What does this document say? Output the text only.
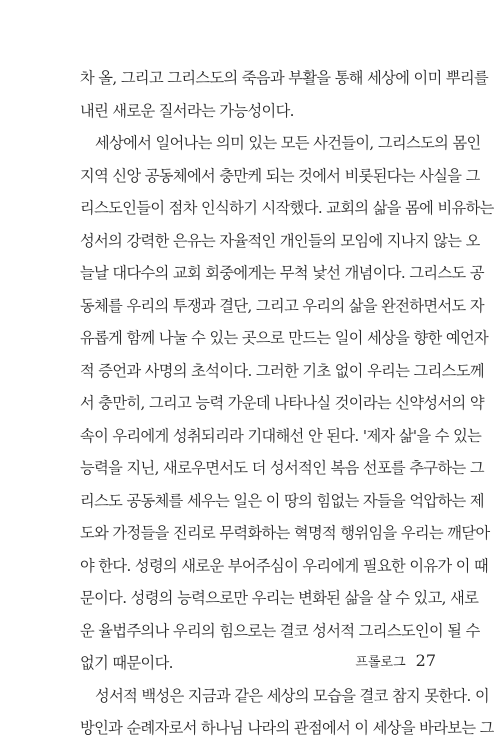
차 올, 그리고 그리스도의 죽음과 부활을 통해 세상에 이미 뿌리를
내린 새로운 질서라는 가능성이다.
세상에서 일어나는 의미 있는 모든 사건들이, 그리스도의 몸인
지역 신앙 공동체에서 충만케 되는 것에서 비롯된다는 사실을 그
리스도인들이 점차 인식하기 시작했다. 교회의 삶을 몸에 비유하는
성서의 강력한 은유는 자율적인 개인들의 모임에 지나지 않는 오
늘날 대다수의 교회 회중에게는 무척 낯선 개념이다. 그리스도 공
동체를 우리의 투쟁과 결단, 그리고 우리의 삶을 완전하면서도 자
유롭게 함께 나눌 수 있는 곳으로 만드는 일이 세상을 향한 예언자
적 증언과 사명의 초석이다. 그러한 기초 없이 우리는 그리스도께
서 충만히, 그리고 능력 가운데 나타나실 것이라는 신약성서의 약
속이 우리에게 성취되리라 기대해선 안 된다. '제자 삶'을 수 있는
능력을 지닌, 새로우면서도 더 성서적인 복음 선포를 추구하는 그
리스도 공동체를 세우는 일은 이 땅의 힘없는 자들을 억압하는 제
도와 가정들을 진리로 무력화하는 혁명적 행위임을 우리는 깨닫아
야 한다. 성령의 새로운 부어주심이 우리에게 필요한 이유가 이 때
문이다. 성령의 능력으로만 우리는 변화된 삶을 살 수 있고, 새로
운 율법주의나 우리의 힘으로는 결코 성서적 그리스도인이 될 수
없기 때문이다.
성서적 백성은 지금과 같은 세상의 모습을 결코 참지 못한다. 이
방인과 순례자로서 하나님 나라의 관점에서 이 세상을 바라보는 그
프롤로그 27
